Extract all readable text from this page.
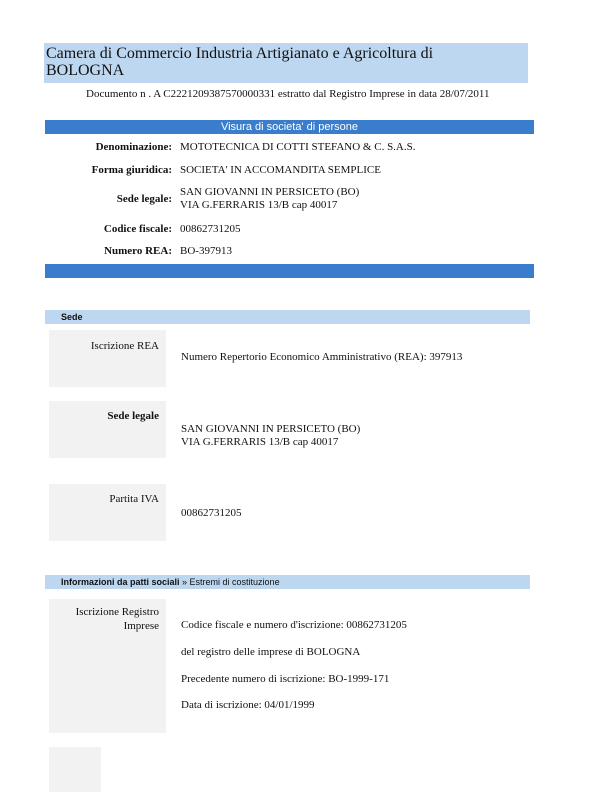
Camera di Commercio Industria Artigianato e Agricoltura di
BOLOGNA
Documento n . A C2221209387570000331 estratto dal Registro Imprese in data 28/07/2011
Visura di societa' di persone
Denominazione: MOTOTECNICA DI COTTI STEFANO & C. S.A.S.
Forma giuridica: SOCIETA' IN ACCOMANDITA SEMPLICE
Sede legale:
SAN GIOVANNI IN PERSICETO (BO)
VIA G.FERRARIS 13/B cap 40017
Codice fiscale: 00862731205
Numero REA: BO-397913
Sede
Iscrizione REA
Numero Repertorio Economico Amministrativo (REA): 397913
Sede legale
SAN GIOVANNI IN PERSICETO (BO)
VIA G.FERRARIS 13/B cap 40017
Partita IVA
00862731205
Informazioni da patti sociali » Estremi di costituzione
Iscrizione Registro
Imprese Codice fiscale e numero d'iscrizione: 00862731205
del registro delle imprese di BOLOGNA
Precedente numero di iscrizione: BO-1999-171
Data di iscrizione: 04/01/1999
